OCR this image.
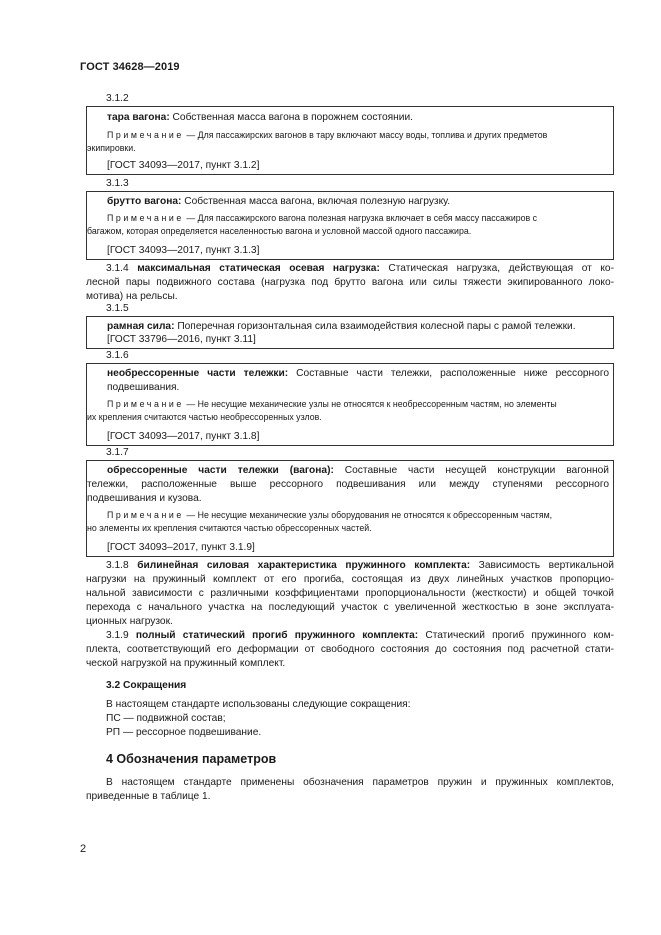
ГОСТ 34628—2019
3.1.2
тара вагона: Собственная масса вагона в порожнем состоянии.
Примечание — Для пассажирских вагонов в тару включают массу воды, топлива и других предметов
экипировки.
[ГОСТ 34093—2017, пункт 3.1.2]
3.1.3
брутто вагона: Собственная масса вагона, включая полезную нагрузку.
Примечание — Для пассажирского вагона полезная нагрузка включает в себя массу пассажиров с
багажом, которая определяется населенностью вагона и условной массой одного пассажира.
[ГОСТ 34093—2017, пункт 3.1.3]
3.1.4 максимальная статическая осевая нагрузка: Статическая нагрузка, действующая от ко-
лесной пары подвижного состава (нагрузка под брутто вагона или силы тяжести экипированного локо-
мотива) на рельсы.
3.1.5
рамная сила: Поперечная горизонтальная сила взаимодействия колесной пары с рамой тележки.
[ГОСТ 33796—2016, пункт 3.11]
3.1.6
необрессоренные части тележки: Составные части тележки, расположенные ниже рессорного
подвешивания.
Примечание — Не несущие механические узлы не относятся к необрессоренным частям, но элементы
их крепления считаются частью необрессоренных узлов.
[ГОСТ 34093—2017, пункт 3.1.8]
3.1.7
обрессоренные части тележки (вагона): Составные части несущей конструкции вагонной
тележки, расположенные выше рессорного подвешивания или между ступенями рессорного
подвешивания и кузова.
Примечание — Не несущие механические узлы оборудования не относятся к обрессоренным частям,
но элементы их крепления считаются частью обрессоренных частей.
[ГОСТ 34093–2017, пункт 3.1.9]
3.1.8 билинейная силовая характеристика пружинного комплекта: Зависимость вертикальной
нагрузки на пружинный комплект от его прогиба, состоящая из двух линейных участков пропорцио-
нальной зависимости с различными коэффициентами пропорциональности (жесткости) и общей точкой
перехода с начального участка на последующий участок с увеличенной жесткостью в зоне эксплуата-
ционных нагрузок.
3.1.9 полный статический прогиб пружинного комплекта: Статический прогиб пружинного ком-
плекта, соответствующий его деформации от свободного состояния до состояния под расчетной стати-
ческой нагрузкой на пружинный комплект.
3.2 Сокращения
В настоящем стандарте использованы следующие сокращения:
ПС — подвижной состав;
РП — рессорное подвешивание.
4 Обозначения параметров
В настоящем стандарте применены обозначения параметров пружин и пружинных комплектов,
приведенные в таблице 1.
2
